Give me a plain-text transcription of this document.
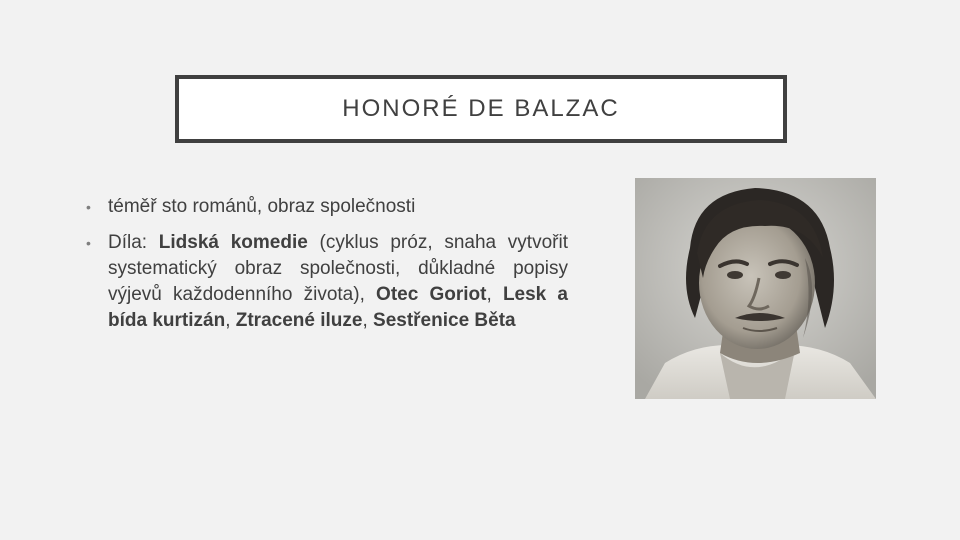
HONORÉ DE BALZAC
• téměř sto románů, obraz společnosti
• Díla: Lidská komedie (cyklus próz, snaha vytvořit systematický obraz společnosti, důkladné popisy výjevů každodenního života), Otec Goriot, Lesk a bída kurtizán, Ztracené iluze, Sestřenice Běta
